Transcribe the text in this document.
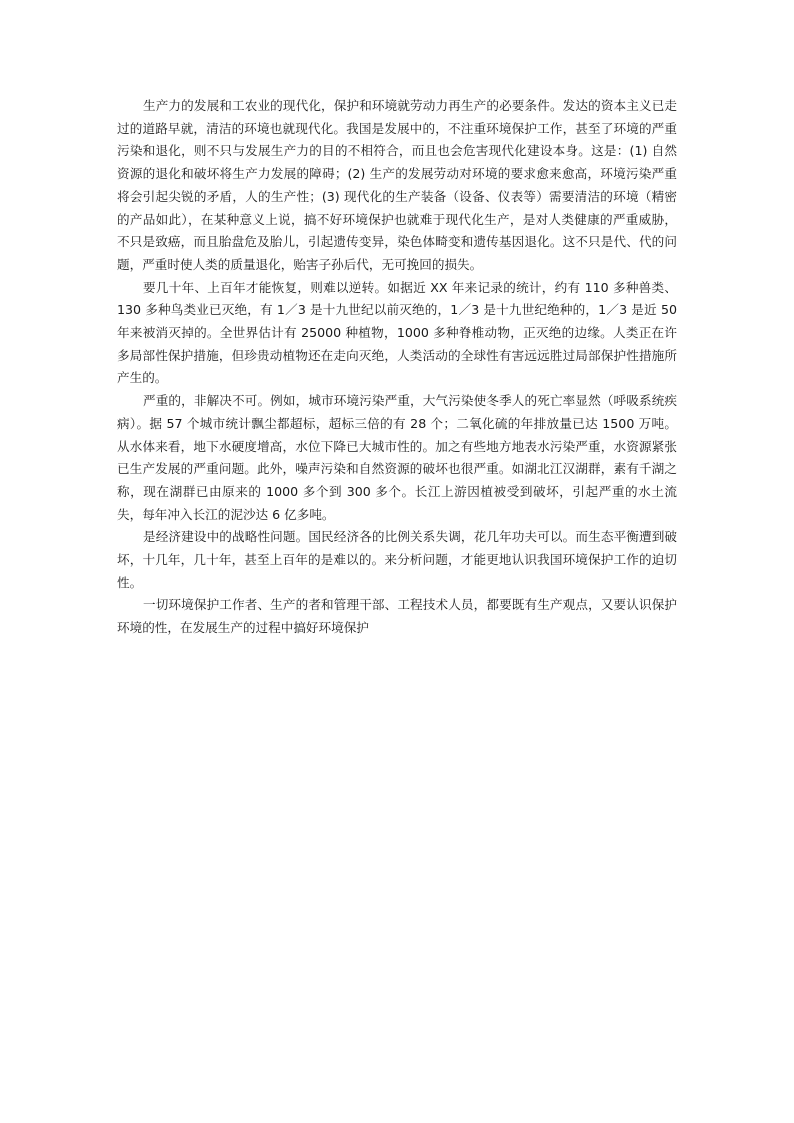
生产力的发展和工农业的现代化，保护和环境就劳动力再生产的必要条件。发达的资本主义已走过的道路早就，清洁的环境也就现代化。我国是发展中的，不注重环境保护工作，甚至了环境的严重污染和退化，则不只与发展生产力的目的不相符合，而且也会危害现代化建设本身。这是：(1) 自然资源的退化和破坏将生产力发展的障碍；(2) 生产的发展劳动对环境的要求愈来愈高，环境污染严重将会引起尖锐的矛盾，人的生产性；(3) 现代化的生产装备（设备、仪表等）需要清洁的环境（精密的产品如此），在某种意义上说，搞不好环境保护也就难于现代化生产，是对人类健康的严重威胁，不只是致癌，而且胎盘危及胎儿，引起遗传变异，染色体畸变和遗传基因退化。这不只是代、代的问题，严重时使人类的质量退化，贻害子孙后代，无可挽回的损失。

要几十年、上百年才能恢复，则难以逆转。如据近 XX 年来记录的统计，约有 110 多种兽类、130 多种鸟类业已灭绝，有 1／3 是十九世纪以前灭绝的，1／3 是十九世纪绝种的，1／3 是近 50 年来被消灭掉的。全世界估计有 25000 种植物，1000 多种脊椎动物，正灭绝的边缘。人类正在许多局部性保护措施，但珍贵动植物还在走向灭绝，人类活动的全球性有害远远胜过局部保护性措施所产生的。

严重的，非解决不可。例如，城市环境污染严重，大气污染使冬季人的死亡率显然（呼吸系统疾病）。据 57 个城市统计飘尘都超标，超标三倍的有 28 个；二氧化硫的年排放量已达 1500 万吨。从水体来看，地下水硬度增高，水位下降已大城市性的。加之有些地方地表水污染严重，水资源紧张已生产发展的严重问题。此外，噪声污染和自然资源的破坏也很严重。如湖北江汉湖群，素有千湖之称，现在湖群已由原来的 1000 多个到 300 多个。长江上游因植被受到破坏，引起严重的水土流失，每年冲入长江的泥沙达 6 亿多吨。

是经济建设中的战略性问题。国民经济各的比例关系失调，花几年功夫可以。而生态平衡遭到破坏，十几年，几十年，甚至上百年的是难以的。来分析问题，才能更地认识我国环境保护工作的迫切性。

一切环境保护工作者、生产的者和管理干部、工程技术人员，都要既有生产观点，又要认识保护环境的性，在发展生产的过程中搞好环境保护
